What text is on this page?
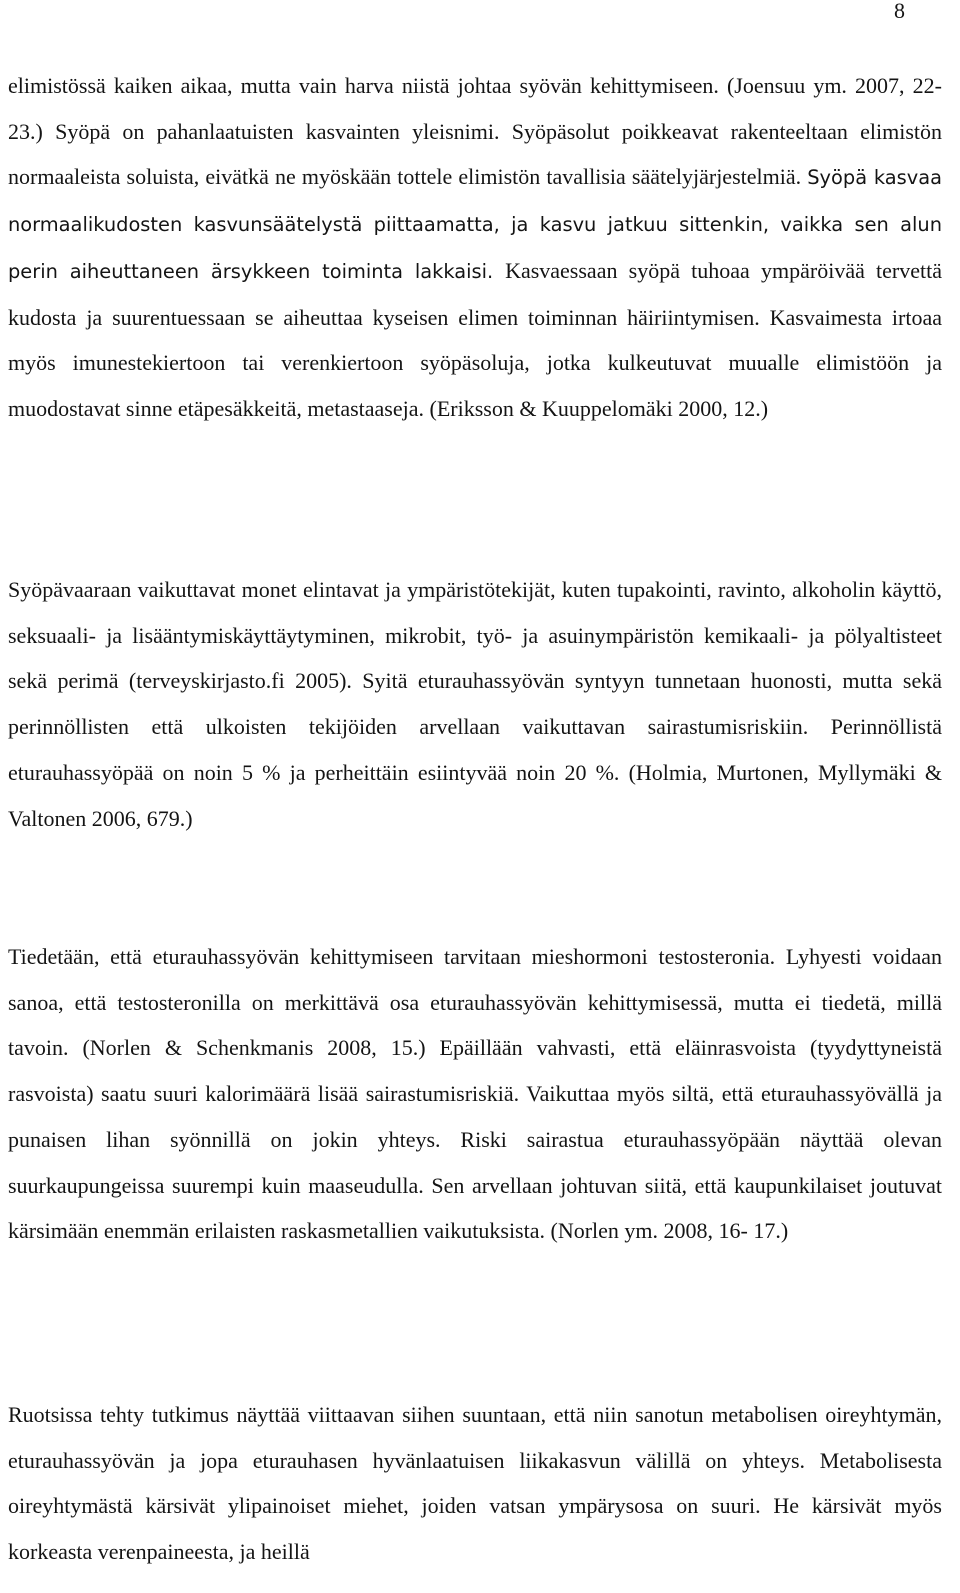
8

elimistössä kaiken aikaa, mutta vain harva niistä johtaa syövän kehittymiseen. (Joensuu ym. 2007, 22- 23.) Syöpä on pahanlaatuisten kasvainten yleisnimi. Syöpäsolut poikkeavat rakenteeltaan elimistön normaaleista soluista, eivätkä ne myöskään tottele elimistön tavallisia säätelyjärjestelmiä. Syöpä kasvaa normaalikudosten kasvunsäätelystä piittaamatta, ja kasvu jatkuu sittenkin, vaikka sen alun perin aiheuttaneen ärsykkeen toiminta lakkaisi. Kasvaessaan syöpä tuhoaa ympäröivää tervettä kudosta ja suurentuessaan se aiheuttaa kyseisen elimen toiminnan häiriintymisen. Kasvaimesta irtoaa myös imunestekiertoon tai verenkiertoon syöpäsoluja, jotka kulkeutuvat muualle elimistöön ja muodostavat sinne etäpesäkkeitä, metastaaseja. (Eriksson & Kuuppelomäki 2000, 12.)

Syöpävaaraan vaikuttavat monet elintavat ja ympäristötekijät, kuten tupakointi, ravinto, alkoholin käyttö, seksuaali- ja lisääntymiskäyttäytyminen, mikrobit, työ- ja asuinympäristön kemikaali- ja pölyaltisteet sekä perimä (terveyskirjasto.fi 2005). Syitä eturauhassyövän syntyyn tunnetaan huonosti, mutta sekä perinnöllisten että ulkoisten tekijöiden arvellaan vaikuttavan sairastumisriskiin. Perinnöllistä eturauhassyöpää on noin 5 % ja perheittäin esiintyvää noin 20 %. (Holmia, Murtonen, Myllymäki & Valtonen 2006, 679.)

Tiedetään, että eturauhassyövän kehittymiseen tarvitaan mieshormoni testosteronia. Lyhyesti voidaan sanoa, että testosteronilla on merkittävä osa eturauhassyövän kehittymisessä, mutta ei tiedetä, millä tavoin. (Norlen & Schenkmanis 2008, 15.) Epäillään vahvasti, että eläinrasvoista (tyydyttyneistä rasvoista) saatu suuri kalorimäärä lisää sairastumisriskiä. Vaikuttaa myös siltä, että eturauhassyövällä ja punaisen lihan syönnillä on jokin yhteys. Riski sairastua eturauhassyöpään näyttää olevan suurkaupungeissa suurempi kuin maaseudulla. Sen arvellaan johtuvan siitä, että kaupunkilaiset joutuvat kärsimään enemmän erilaisten raskasmetallien vaikutuksista. (Norlen ym. 2008, 16- 17.)

Ruotsissa tehty tutkimus näyttää viittaavan siihen suuntaan, että niin sanotun metabolisen oireyhtymän, eturauhassyövän ja jopa eturauhasen hyvänlaatuisen liikakasvun välillä on yhteys. Metabolisesta oireyhtymästä kärsivät ylipainoiset miehet, joiden vatsan ympärysosa on suuri. He kärsivät myös korkeasta verenpaineesta, ja heillä
